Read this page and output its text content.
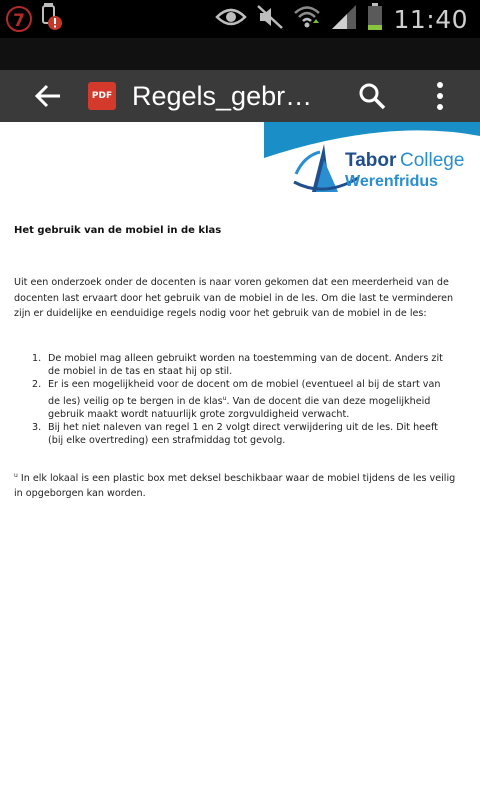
7	11:40
PDF Regels_gebr…
Tabor College
Werenfridus
Het gebruik van de mobiel in de klas
Uit een onderzoek onder de docenten is naar voren gekomen dat een meerderheid van de docenten last ervaart door het gebruik van de mobiel in de les. Om die last te verminderen zijn er duidelijke en eenduidige regels nodig voor het gebruik van de mobiel in de les:
1. De mobiel mag alleen gebruikt worden na toestemming van de docent. Anders zit de mobiel in de tas en staat hij op stil.
2. Er is een mogelijkheid voor de docent om de mobiel (eventueel al bij de start van de les) veilig op te bergen in de klas$^u$. Van de docent die van deze mogelijkheid gebruik maakt wordt natuurlijk grote zorgvuldigheid verwacht.
3. Bij het niet naleven van regel 1 en 2 volgt direct verwijdering uit de les. Dit heeft (bij elke overtreding) een strafmiddag tot gevolg.
$^u$ In elk lokaal is een plastic box met deksel beschikbaar waar de mobiel tijdens de les veilig in opgeborgen kan worden.
